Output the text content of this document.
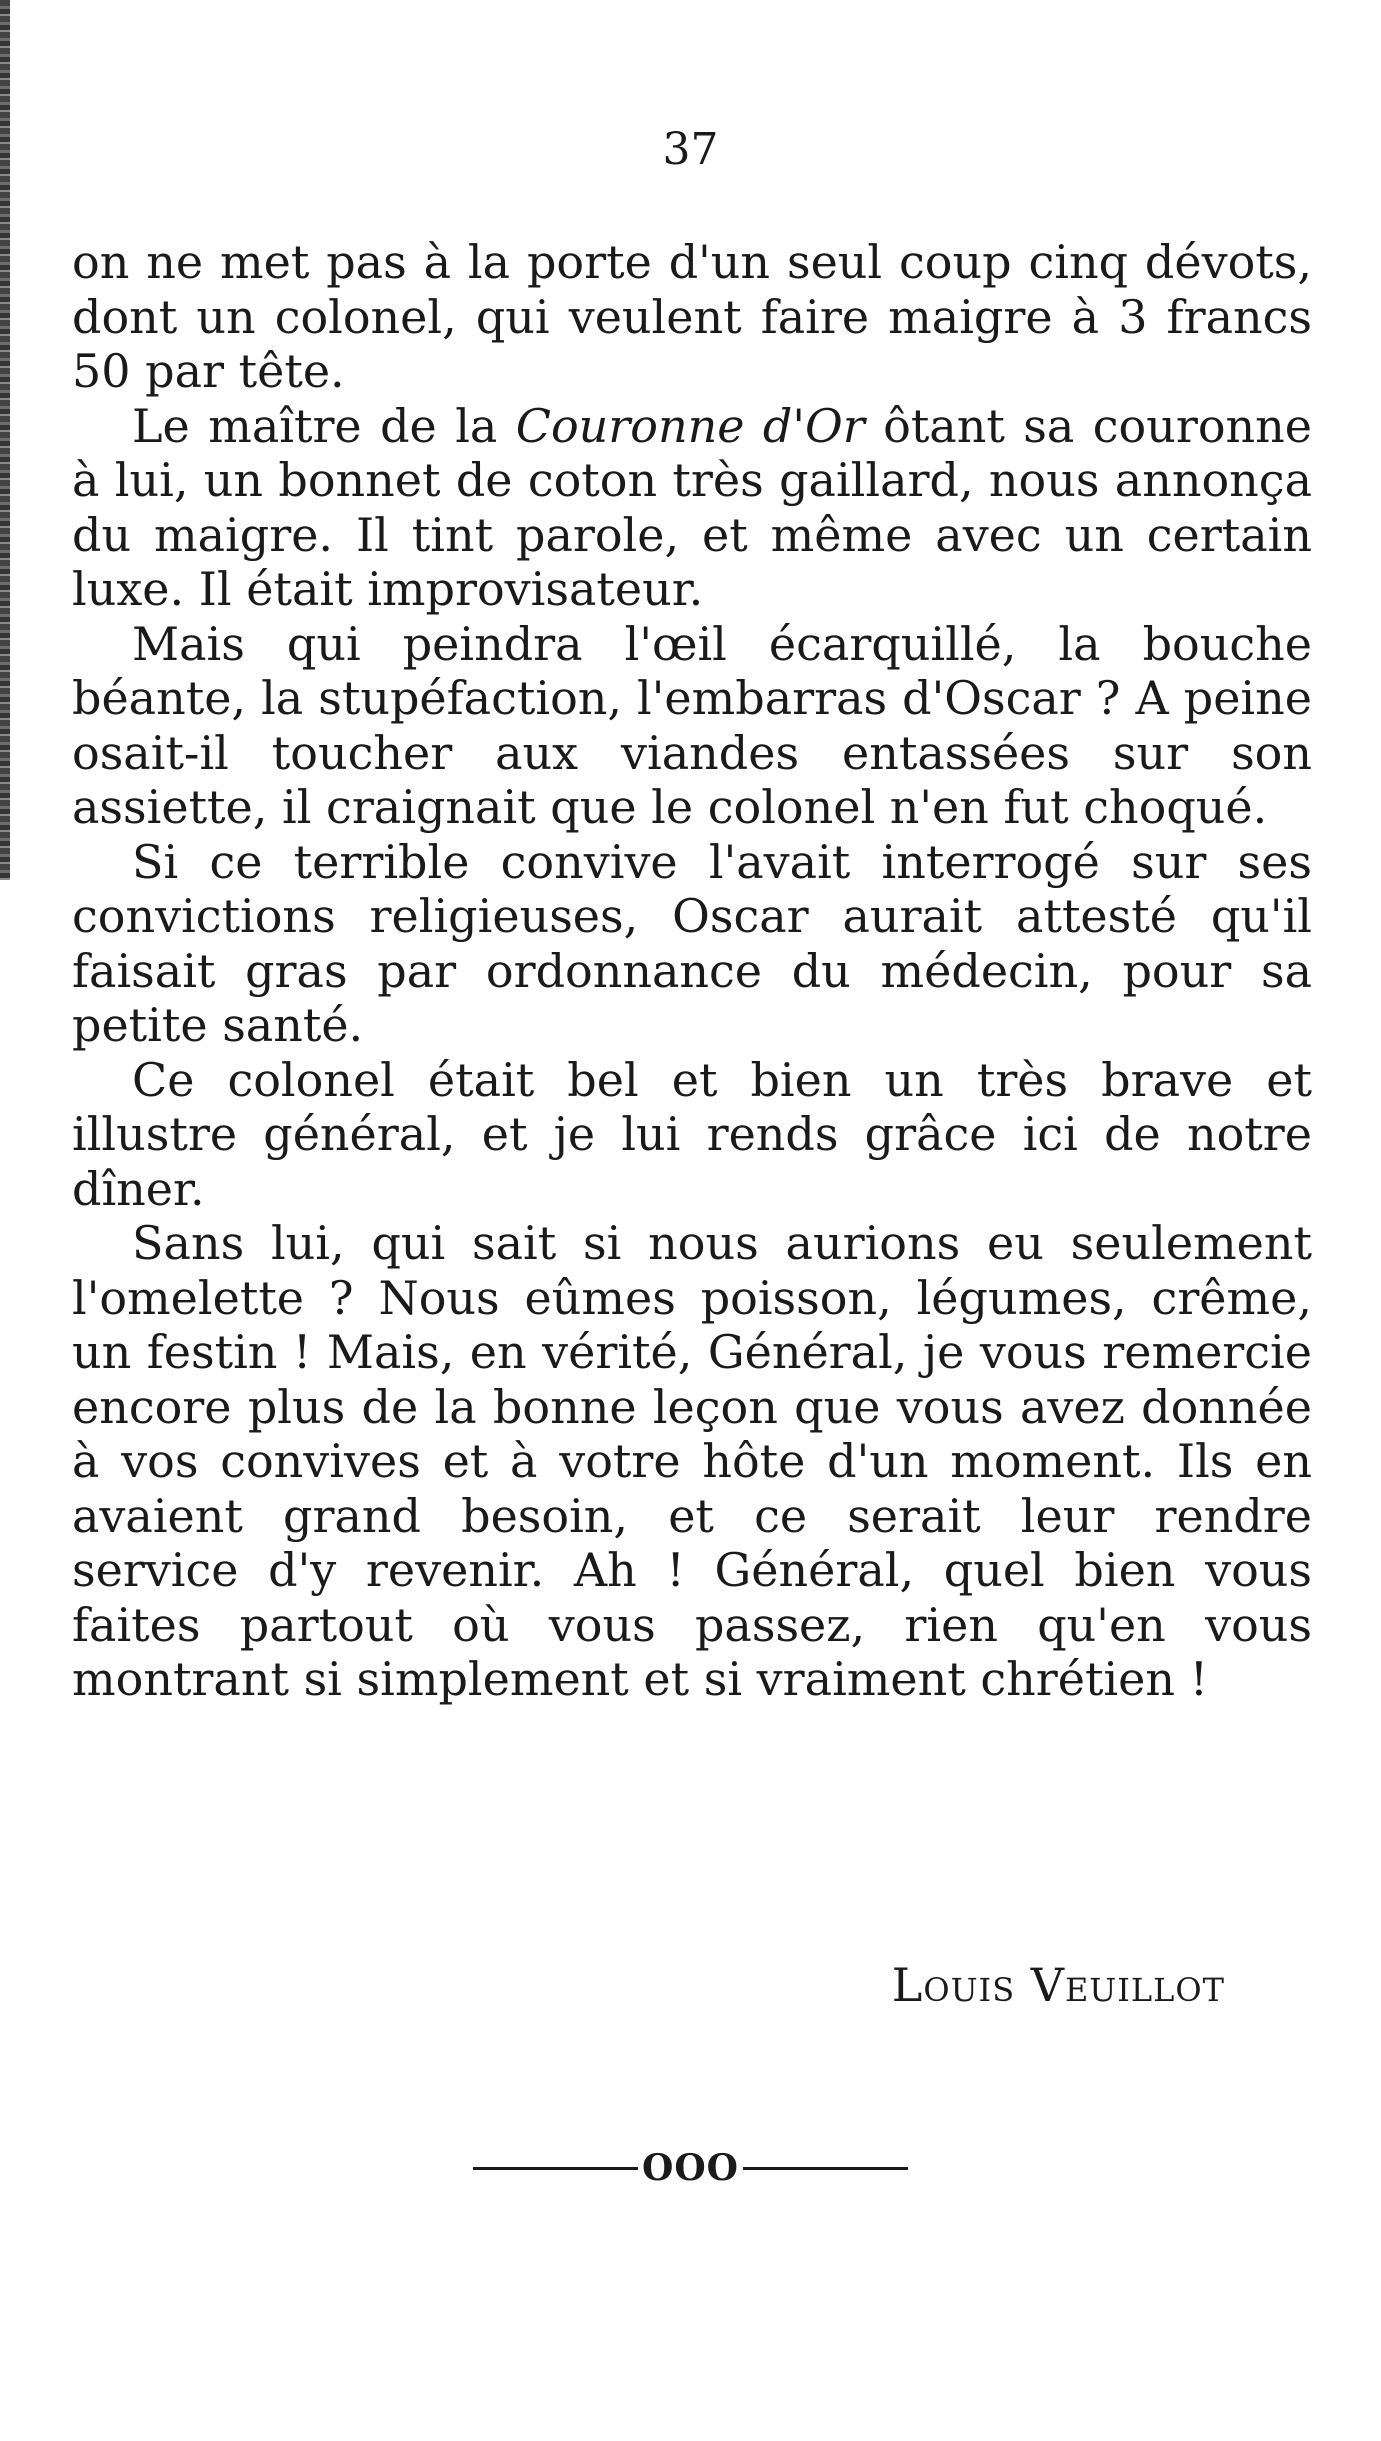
37

on ne met pas à la porte d'un seul coup cinq dévots, dont un colonel, qui veulent faire maigre à 3 francs 50 par tête.

Le maître de la Couronne d'Or ôtant sa couronne à lui, un bonnet de coton très gaillard, nous annonça du maigre. Il tint parole, et même avec un certain luxe. Il était improvisateur.

Mais qui peindra l'œil écarquillé, la bouche béante, la stupéfaction, l'embarras d'Oscar ? A peine osait-il toucher aux viandes entassées sur son assiette, il craignait que le colonel n'en fut choqué.

Si ce terrible convive l'avait interrogé sur ses convictions religieuses, Oscar aurait attesté qu'il faisait gras par ordonnance du médecin, pour sa petite santé.

Ce colonel était bel et bien un très brave et illustre général, et je lui rends grâce ici de notre dîner.

Sans lui, qui sait si nous aurions eu seulement l'omelette ? Nous eûmes poisson, légumes, crême, un festin ! Mais, en vérité, Général, je vous remercie encore plus de la bonne leçon que vous avez donnée à vos convives et à votre hôte d'un moment. Ils en avaient grand besoin, et ce serait leur rendre service d'y revenir. Ah ! Général, quel bien vous faites partout où vous passez, rien qu'en vous montrant si simplement et si vraiment chrétien !

Louis Veuillot
OOO
